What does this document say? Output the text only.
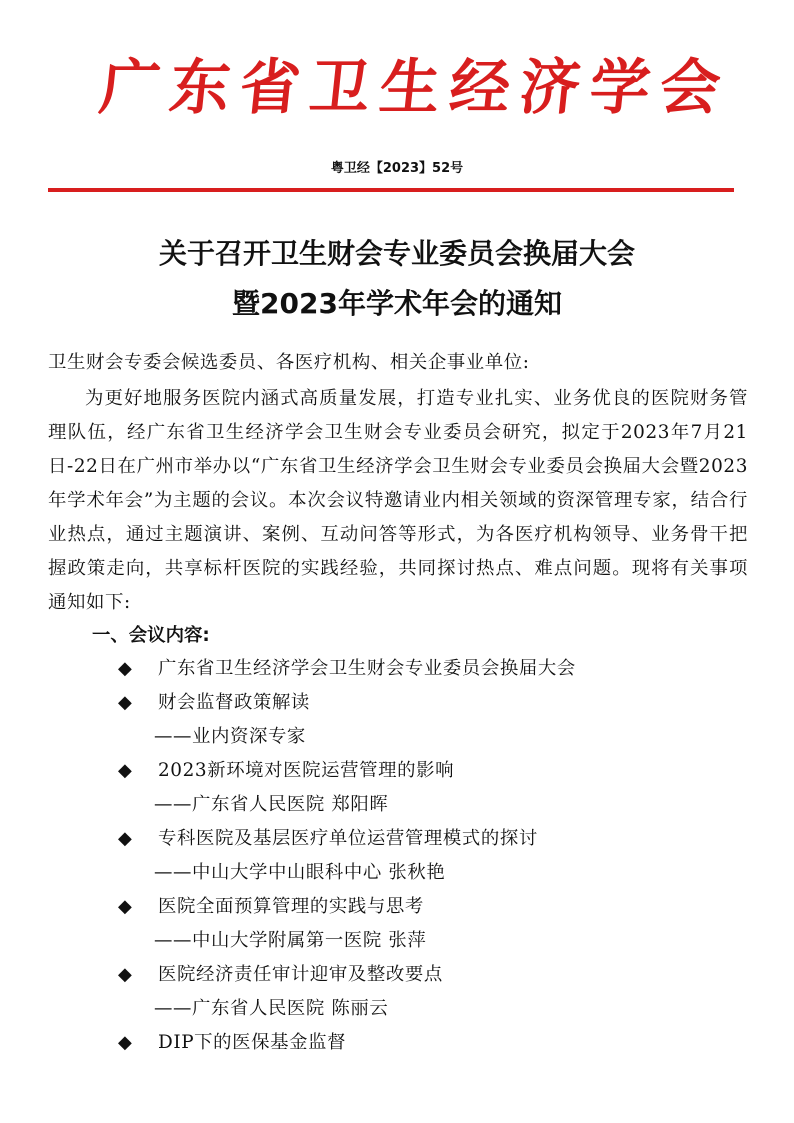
广东省卫生经济学会
粤卫经【2023】52号
关于召开卫生财会专业委员会换届大会
暨2023年学术年会的通知
卫生财会专委会候选委员、各医疗机构、相关企事业单位:
为更好地服务医院内涵式高质量发展，打造专业扎实、业务优良的医院财务管理队伍，经广东省卫生经济学会卫生财会专业委员会研究，拟定于2023年7月21日-22日在广州市举办以“广东省卫生经济学会卫生财会专业委员会换届大会暨2023年学术年会”为主题的会议。本次会议特邀请业内相关领域的资深管理专家，结合行业热点，通过主题演讲、案例、互动问答等形式，为各医疗机构领导、业务骨干把握政策走向，共享标杆医院的实践经验，共同探讨热点、难点问题。现将有关事项通知如下:
一、会议内容:
◆ 广东省卫生经济学会卫生财会专业委员会换届大会
◆ 财会监督政策解读
——业内资深专家
◆ 2023新环境对医院运营管理的影响
——广东省人民医院 郑阳晖
◆ 专科医院及基层医疗单位运营管理模式的探讨
——中山大学中山眼科中心 张秋艳
◆ 医院全面预算管理的实践与思考
——中山大学附属第一医院 张萍
◆ 医院经济责任审计迎审及整改要点
——广东省人民医院 陈丽云
◆ DIP下的医保基金监督
